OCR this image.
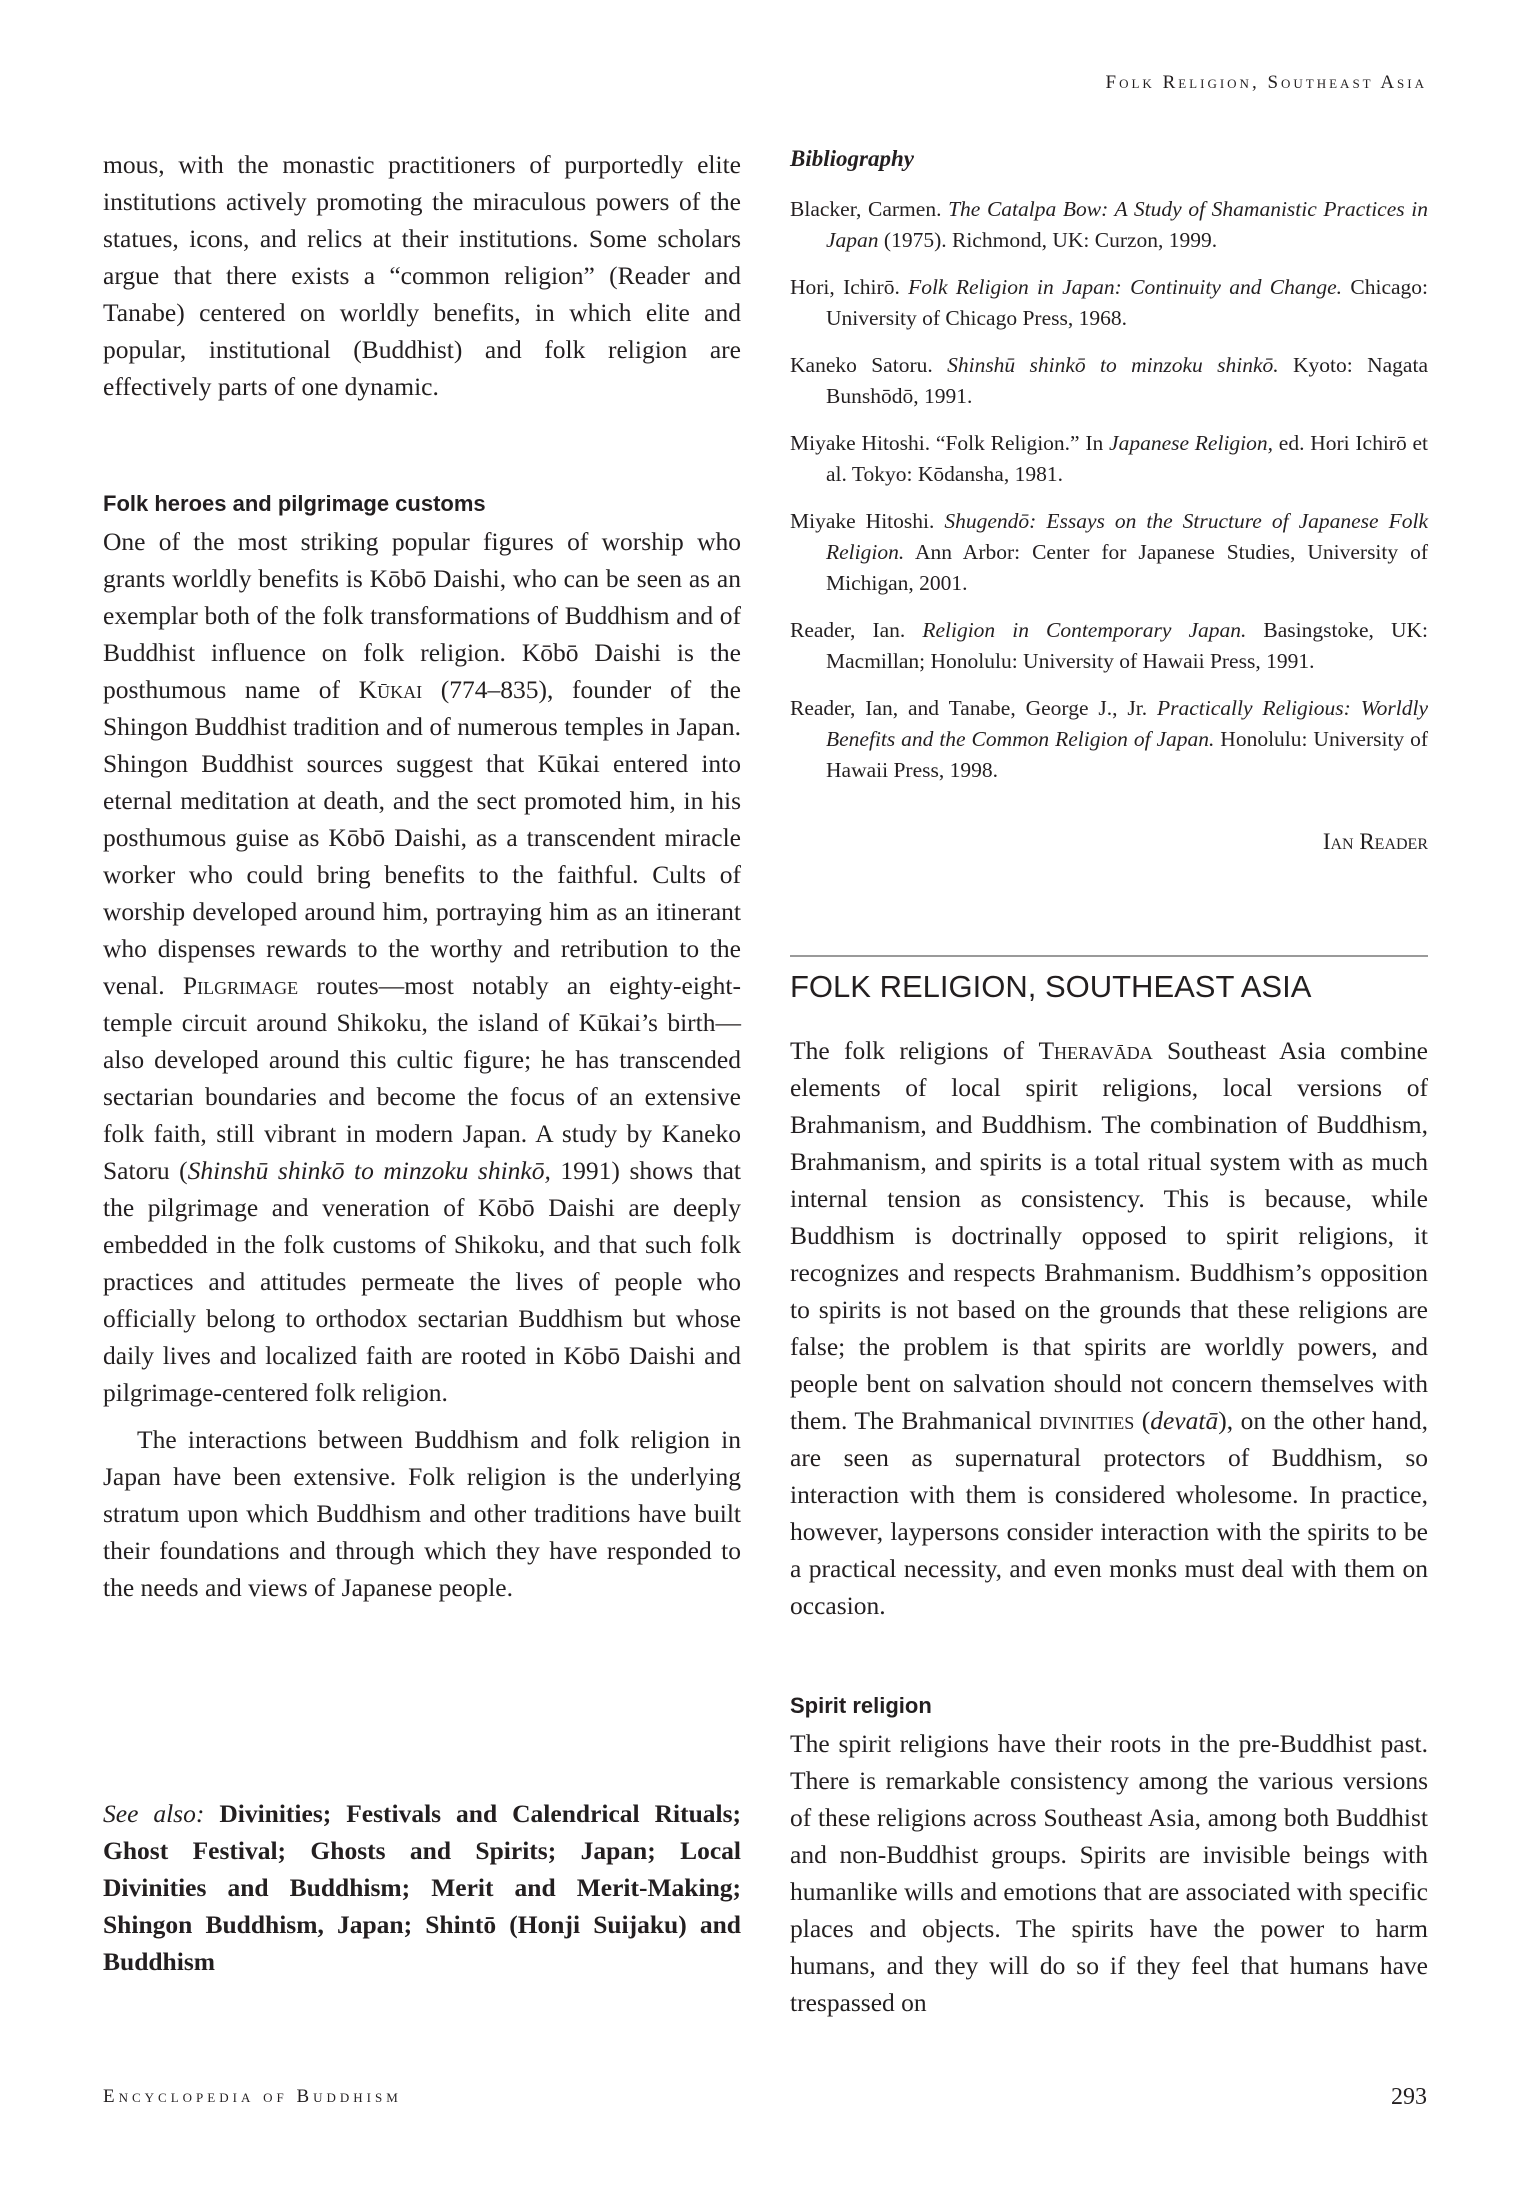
Folk Religion, Southeast Asia

mous, with the monastic practitioners of purportedly elite institutions actively promoting the miraculous powers of the statues, icons, and relics at their institutions. Some scholars argue that there exists a “common religion” (Reader and Tanabe) centered on worldly benefits, in which elite and popular, institutional (Buddhist) and folk religion are effectively parts of one dynamic.

Folk heroes and pilgrimage customs

One of the most striking popular figures of worship who grants worldly benefits is Kōbō Daishi, who can be seen as an exemplar both of the folk transformations of Buddhism and of Buddhist influence on folk religion. Kōbō Daishi is the posthumous name of Kūkai (774–835), founder of the Shingon Buddhist tradition and of numerous temples in Japan. Shingon Buddhist sources suggest that Kūkai entered into eternal meditation at death, and the sect promoted him, in his posthumous guise as Kōbō Daishi, as a transcendent miracle worker who could bring benefits to the faithful. Cults of worship developed around him, portraying him as an itinerant who dispenses rewards to the worthy and retribution to the venal. Pilgrimage routes—most notably an eighty-eight-temple circuit around Shikoku, the island of Kūkai’s birth—also developed around this cultic figure; he has transcended sectarian boundaries and become the focus of an extensive folk faith, still vibrant in modern Japan. A study by Kaneko Satoru (Shinshū shinkō to minzoku shinkō, 1991) shows that the pilgrimage and veneration of Kōbō Daishi are deeply embedded in the folk customs of Shikoku, and that such folk practices and attitudes permeate the lives of people who officially belong to orthodox sectarian Buddhism but whose daily lives and localized faith are rooted in Kōbō Daishi and pilgrimage-centered folk religion.

The interactions between Buddhism and folk religion in Japan have been extensive. Folk religion is the underlying stratum upon which Buddhism and other traditions have built their foundations and through which they have responded to the needs and views of Japanese people.

See also: Divinities; Festivals and Calendrical Rituals; Ghost Festival; Ghosts and Spirits; Japan; Local Divinities and Buddhism; Merit and Merit-Making; Shingon Buddhism, Japan; Shintō (Honji Suijaku) and Buddhism

Bibliography

Blacker, Carmen. The Catalpa Bow: A Study of Shamanistic Practices in Japan (1975). Richmond, UK: Curzon, 1999.

Hori, Ichirō. Folk Religion in Japan: Continuity and Change. Chicago: University of Chicago Press, 1968.

Kaneko Satoru. Shinshū shinkō to minzoku shinkō. Kyoto: Nagata Bunshōdō, 1991.

Miyake Hitoshi. “Folk Religion.” In Japanese Religion, ed. Hori Ichirō et al. Tokyo: Kōdansha, 1981.

Miyake Hitoshi. Shugendō: Essays on the Structure of Japanese Folk Religion. Ann Arbor: Center for Japanese Studies, University of Michigan, 2001.

Reader, Ian. Religion in Contemporary Japan. Basingstoke, UK: Macmillan; Honolulu: University of Hawaii Press, 1991.

Reader, Ian, and Tanabe, George J., Jr. Practically Religious: Worldly Benefits and the Common Religion of Japan. Honolulu: University of Hawaii Press, 1998.

Ian Reader
FOLK RELIGION, SOUTHEAST ASIA

The folk religions of Theravāda Southeast Asia combine elements of local spirit religions, local versions of Brahmanism, and Buddhism. The combination of Buddhism, Brahmanism, and spirits is a total ritual system with as much internal tension as consistency. This is because, while Buddhism is doctrinally opposed to spirit religions, it recognizes and respects Brahmanism. Buddhism’s opposition to spirits is not based on the grounds that these religions are false; the problem is that spirits are worldly powers, and people bent on salvation should not concern themselves with them. The Brahmanical divinities (devatā), on the other hand, are seen as supernatural protectors of Buddhism, so interaction with them is considered wholesome. In practice, however, laypersons consider interaction with the spirits to be a practical necessity, and even monks must deal with them on occasion.

Spirit religion

The spirit religions have their roots in the pre-Buddhist past. There is remarkable consistency among the various versions of these religions across Southeast Asia, among both Buddhist and non-Buddhist groups. Spirits are invisible beings with humanlike wills and emotions that are associated with specific places and objects. The spirits have the power to harm humans, and they will do so if they feel that humans have trespassed on

Encyclopedia of Buddhism	293
